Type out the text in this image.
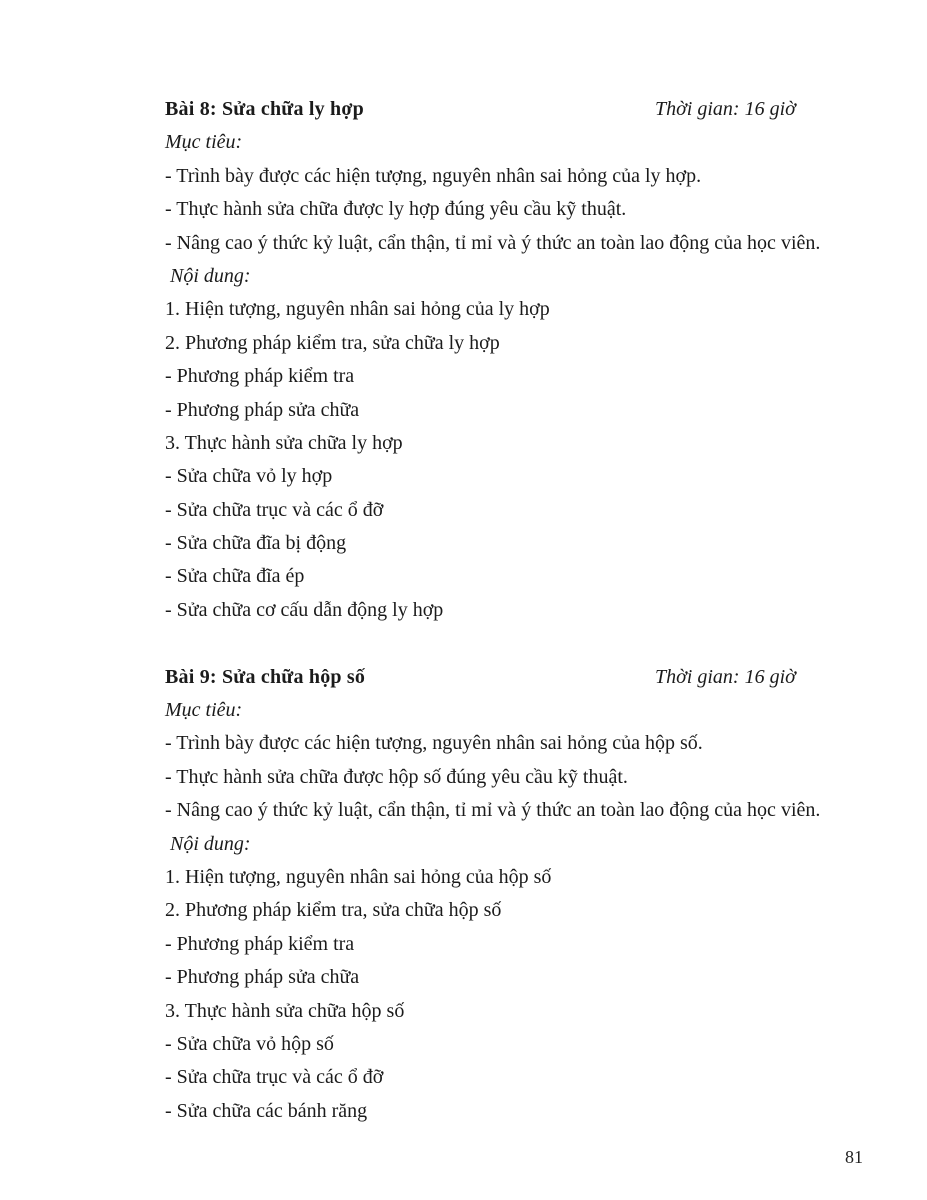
Bài 8: Sửa chữa ly hợp	Thời gian: 16 giờ

Mục tiêu:

- Trình bày được các hiện tượng, nguyên nhân sai hỏng của ly hợp.

- Thực hành sửa chữa được ly hợp đúng yêu cầu kỹ thuật.

- Nâng cao ý thức kỷ luật, cẩn thận, tỉ mỉ và ý thức an toàn lao động của học viên.

Nội dung:

1. Hiện tượng, nguyên nhân sai hỏng của ly hợp

2. Phương pháp kiểm tra, sửa chữa ly hợp

- Phương pháp kiểm tra

- Phương pháp sửa chữa

3. Thực hành sửa chữa ly hợp

- Sửa chữa vỏ ly hợp

- Sửa chữa trục và các ổ đỡ

- Sửa chữa đĩa bị động

- Sửa chữa đĩa ép

- Sửa chữa cơ cấu dẫn động ly hợp

Bài 9: Sửa chữa hộp số	Thời gian: 16 giờ

Mục tiêu:

- Trình bày được các hiện tượng, nguyên nhân sai hỏng của hộp số.

- Thực hành sửa chữa được hộp số đúng yêu cầu kỹ thuật.

- Nâng cao ý thức kỷ luật, cẩn thận, tỉ mỉ và ý thức an toàn lao động của học viên.

Nội dung:

1. Hiện tượng, nguyên nhân sai hỏng của hộp số

2. Phương pháp kiểm tra, sửa chữa hộp số

- Phương pháp kiểm tra

- Phương pháp sửa chữa

3. Thực hành sửa chữa hộp số

- Sửa chữa vỏ hộp số

- Sửa chữa trục và các ổ đỡ

- Sửa chữa các bánh răng

81
